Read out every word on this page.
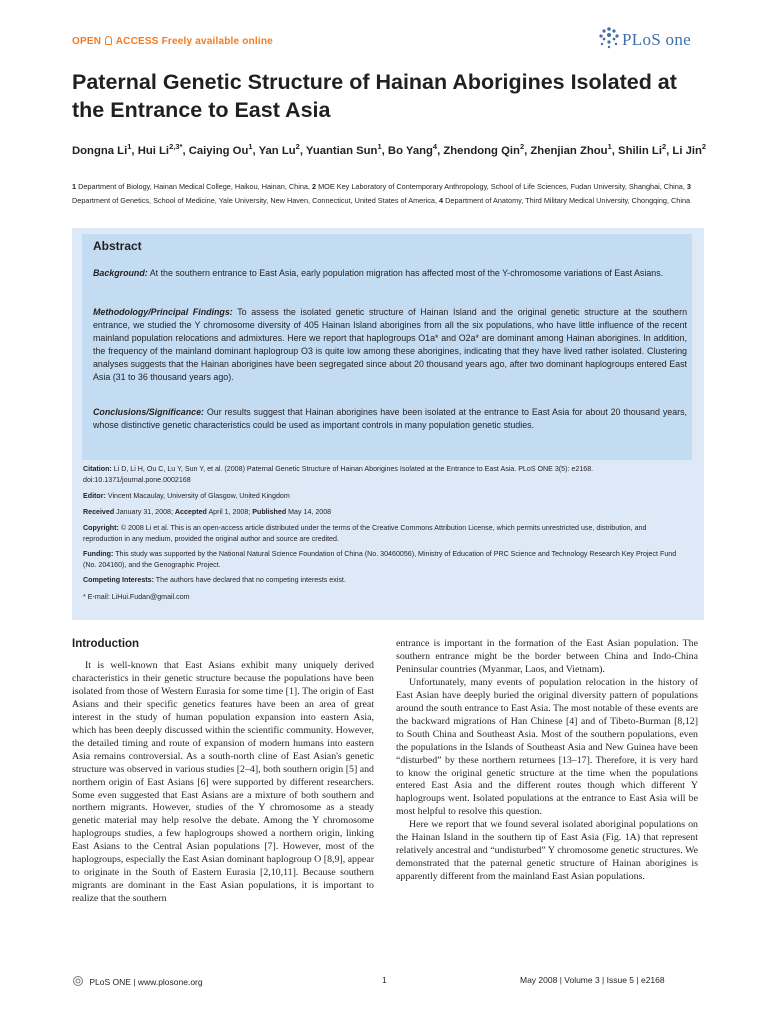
OPEN ACCESS Freely available online	PLoS one
Paternal Genetic Structure of Hainan Aborigines Isolated at the Entrance to East Asia
Dongna Li$^1$, Hui $Li^{2,3*}$, Caiying Ou$^1$, Yan Lu$^2$, Yuantian Sun$^1$, Bo Yang$^4$, Zhendong Qin$^2$, Zhenjian Zhou$^1$, Shilin Li$^2$, Li Jin$^2$
1 Department of Biology, Hainan Medical College, Haikou, Hainan, China, 2 MOE Key Laboratory of Contemporary Anthropology, School of Life Sciences, Fudan University, Shanghai, China, 3 Department of Genetics, School of Medicine, Yale University, New Haven, Connecticut, United States of America, 4 Department of Anatomy, Third Military Medical University, Chongqing, China
Abstract
Background: At the southern entrance to East Asia, early population migration has affected most of the Y-chromosome variations of East Asians.
Methodology/Principal Findings: To assess the isolated genetic structure of Hainan Island and the original genetic structure at the southern entrance, we studied the Y chromosome diversity of 405 Hainan Island aborigines from all the six populations, who have little influence of the recent mainland population relocations and admixtures. Here we report that haplogroups O1a* and O2a* are dominant among Hainan aborigines. In addition, the frequency of the mainland dominant haplogroup O3 is quite low among these aborigines, indicating that they have lived rather isolated. Clustering analyses suggests that the Hainan aborigines have been segregated since about 20 thousand years ago, after two dominant haplogroups entered East Asia (31 to 36 thousand years ago).
Conclusions/Significance: Our results suggest that Hainan aborigines have been isolated at the entrance to East Asia for about 20 thousand years, whose distinctive genetic characteristics could be used as important controls in many population genetic studies.
Citation: Li D, Li H, Ou C, Lu Y, Sun Y, et al. (2008) Paternal Genetic Structure of Hainan Aborigines Isolated at the Entrance to East Asia. PLoS ONE 3(5): e2168. doi:10.1371/journal.pone.0002168
Editor: Vincent Macaulay, University of Glasgow, United Kingdom
Received January 31, 2008; Accepted April 1, 2008; Published May 14, 2008
Copyright: © 2008 Li et al. This is an open-access article distributed under the terms of the Creative Commons Attribution License, which permits unrestricted use, distribution, and reproduction in any medium, provided the original author and source are credited.
Funding: This study was supported by the National Natural Science Foundation of China (No. 30460056), Ministry of Education of PRC Science and Technology Research Key Project Fund (No. 204160), and the Genographic Project.
Competing Interests: The authors have declared that no competing interests exist.
* E-mail: LiHui.Fudan@gmail.com
Introduction

It is well-known that East Asians exhibit many uniquely derived characteristics in their genetic structure because the populations have been isolated from those of Western Eurasia for some time [1]. The origin of East Asians and their specific genetics features have been an area of great interest in the study of human population expansion into eastern Asia, which has been deeply discussed within the scientific community. However, the detailed timing and route of expansion of modern humans into eastern Asia remains controversial. As a south-north cline of East Asian's genetic structure was observed in various studies [2–4], both southern origin [5] and northern origin of East Asians [6] were supported by different researchers. Some even suggested that East Asians are a mixture of both southern and northern migrants. However, studies of the Y chromosome as a steady genetic material may help resolve the debate. Among the Y chromosome haplogroups studies, a few haplogroups showed a northern origin, linking East Asians to the Central Asian populations [7]. However, most of the haplogroups, especially the East Asian dominant haplogroup O [8,9], appear to originate in the South of Eastern Eurasia [2,10,11]. Because southern migrants are dominant in the East Asian populations, it is important to realize that the southern

entrance is important in the formation of the East Asian population. The southern entrance might be the border between China and Indo-China Peninsular countries (Myanmar, Laos, and Vietnam).

Unfortunately, many events of population relocation in the history of East Asian have deeply buried the original diversity pattern of populations around the south entrance to East Asia. The most notable of these events are the backward migrations of Han Chinese [4] and of Tibeto-Burman [8,12] to South China and Southeast Asia. Most of the southern populations, even the populations in the Islands of Southeast Asia and New Guinea have been “disturbed” by these northern returnees [13–17]. Therefore, it is very hard to know the original genetic structure at the time when the populations entered East Asia and the different routes though which different Y haplogroups went. Isolated populations at the entrance to East Asia will be most helpful to resolve this question.

Here we report that we found several isolated aboriginal populations on the Hainan Island in the southern tip of East Asia (Fig. 1A) that represent relatively ancestral and “undisturbed” Y chromosome genetic structures. We demonstrated that the paternal genetic structure of Hainan aborigines is apparently different from the mainland East Asian populations.

PLoS ONE | www.plosone.org	1	May 2008 | Volume 3 | Issue 5 | e2168
